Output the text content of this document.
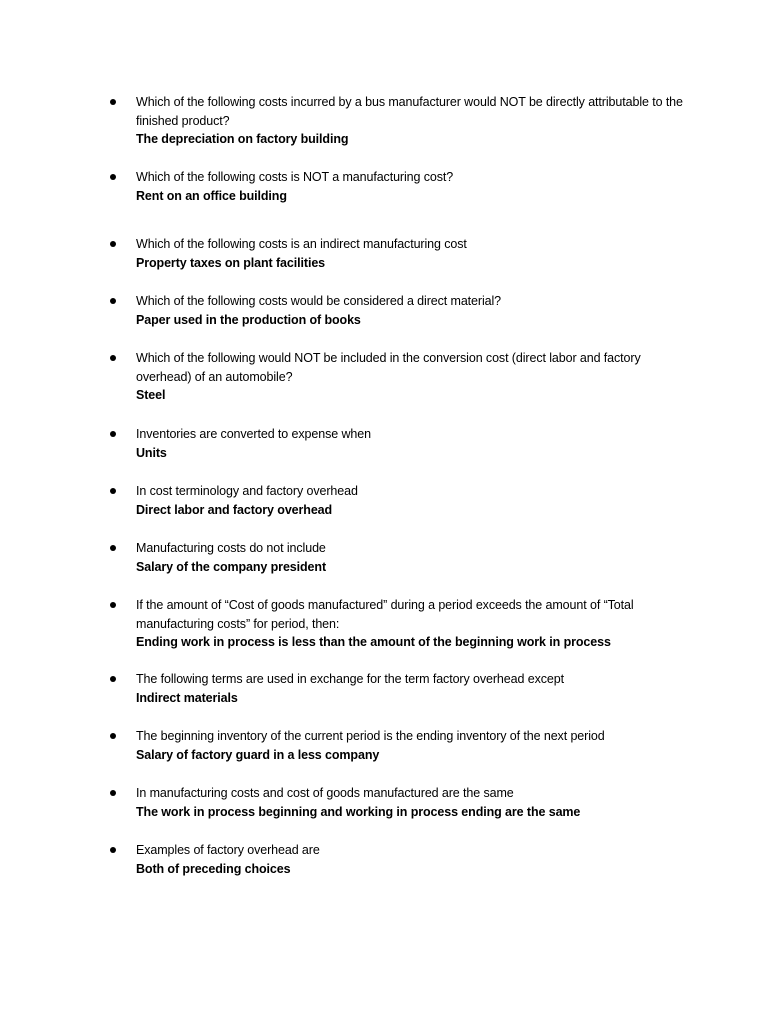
Which of the following costs incurred by a bus manufacturer would NOT be directly attributable to the finished product?

The depreciation on factory building

Which of the following costs is NOT a manufacturing cost?

Rent on an office building

Which of the following costs is an indirect manufacturing cost

Property taxes on plant facilities

Which of the following costs would be considered a direct material?

Paper used in the production of books

Which of the following would NOT be included in the conversion cost (direct labor and factory overhead) of an automobile?

Steel

Inventories are converted to expense when

Units

In cost terminology and factory overhead

Direct labor and factory overhead

Manufacturing costs do not include

Salary of the company president

If the amount of “Cost of goods manufactured” during a period exceeds the amount of “Total manufacturing costs” for period, then:

Ending work in process is less than the amount of the beginning work in process

The following terms are used in exchange for the term factory overhead except

Indirect materials

The beginning inventory of the current period is the ending inventory of the next period

Salary of factory guard in a less company

In manufacturing costs and cost of goods manufactured are the same

The work in process beginning and working in process ending are the same

Examples of factory overhead are

Both of preceding choices
